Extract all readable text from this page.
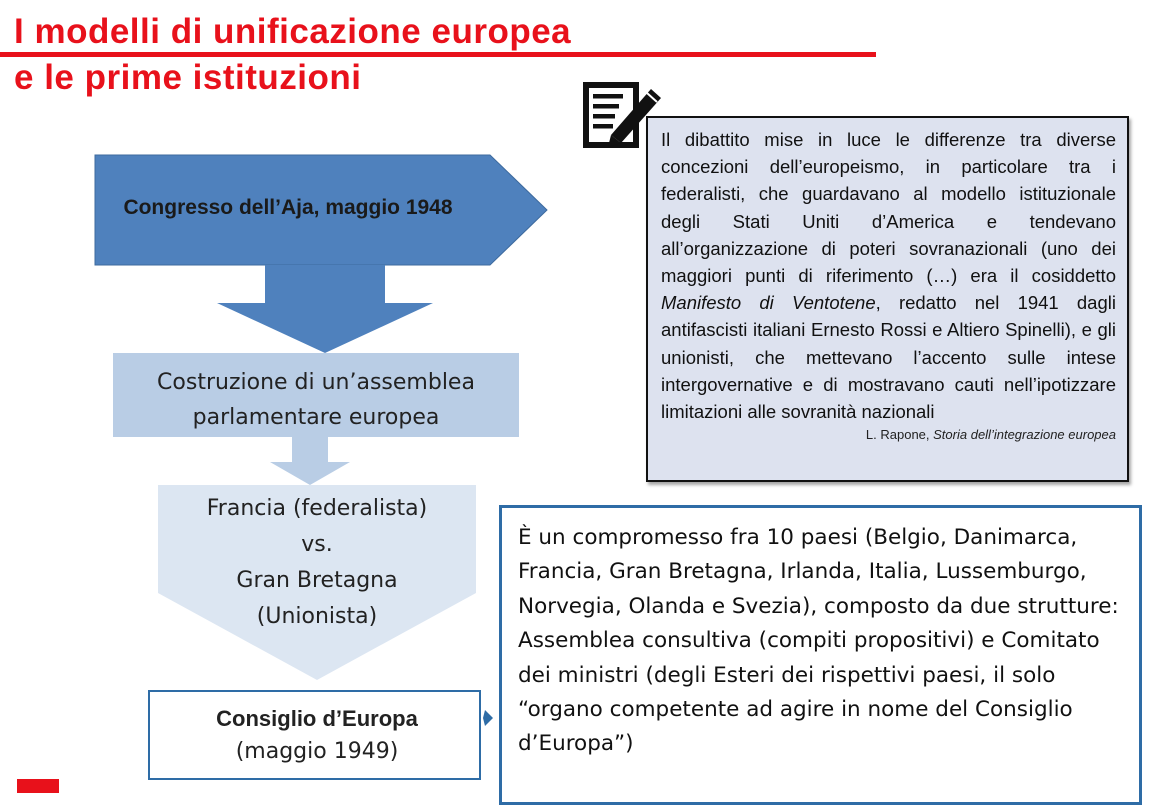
I modelli di unificazione europea
e le prime istituzioni
Congresso dell’Aja, maggio 1948
Costruzione di un’assemblea
parlamentare europea
Francia (federalista)
vs.
Gran Bretagna
(Unionista)
Consiglio d’Europa
(maggio 1949)
Il dibattito mise in luce le differenze tra diverse concezioni dell’europeismo, in particolare tra i federalisti, che guardavano al modello istituzionale degli Stati Uniti d’America e tendevano all’organizzazione di poteri sovranazionali (uno dei maggiori punti di riferimento (…) era il cosiddetto Manifesto di Ventotene, redatto nel 1941 dagli antifascisti italiani Ernesto Rossi e Altiero Spinelli), e gli unionisti, che mettevano l’accento sulle intese intergovernative e di mostravano cauti nell’ipotizzare limitazioni alle sovranità nazionali
L. Rapone, Storia dell’integrazione europea
È un compromesso fra 10 paesi (Belgio, Danimarca, Francia, Gran Bretagna, Irlanda, Italia, Lussemburgo, Norvegia, Olanda e Svezia), composto da due strutture: Assemblea consultiva (compiti propositivi) e Comitato dei ministri (degli Esteri dei rispettivi paesi, il solo “organo competente ad agire in nome del Consiglio d’Europa”)
